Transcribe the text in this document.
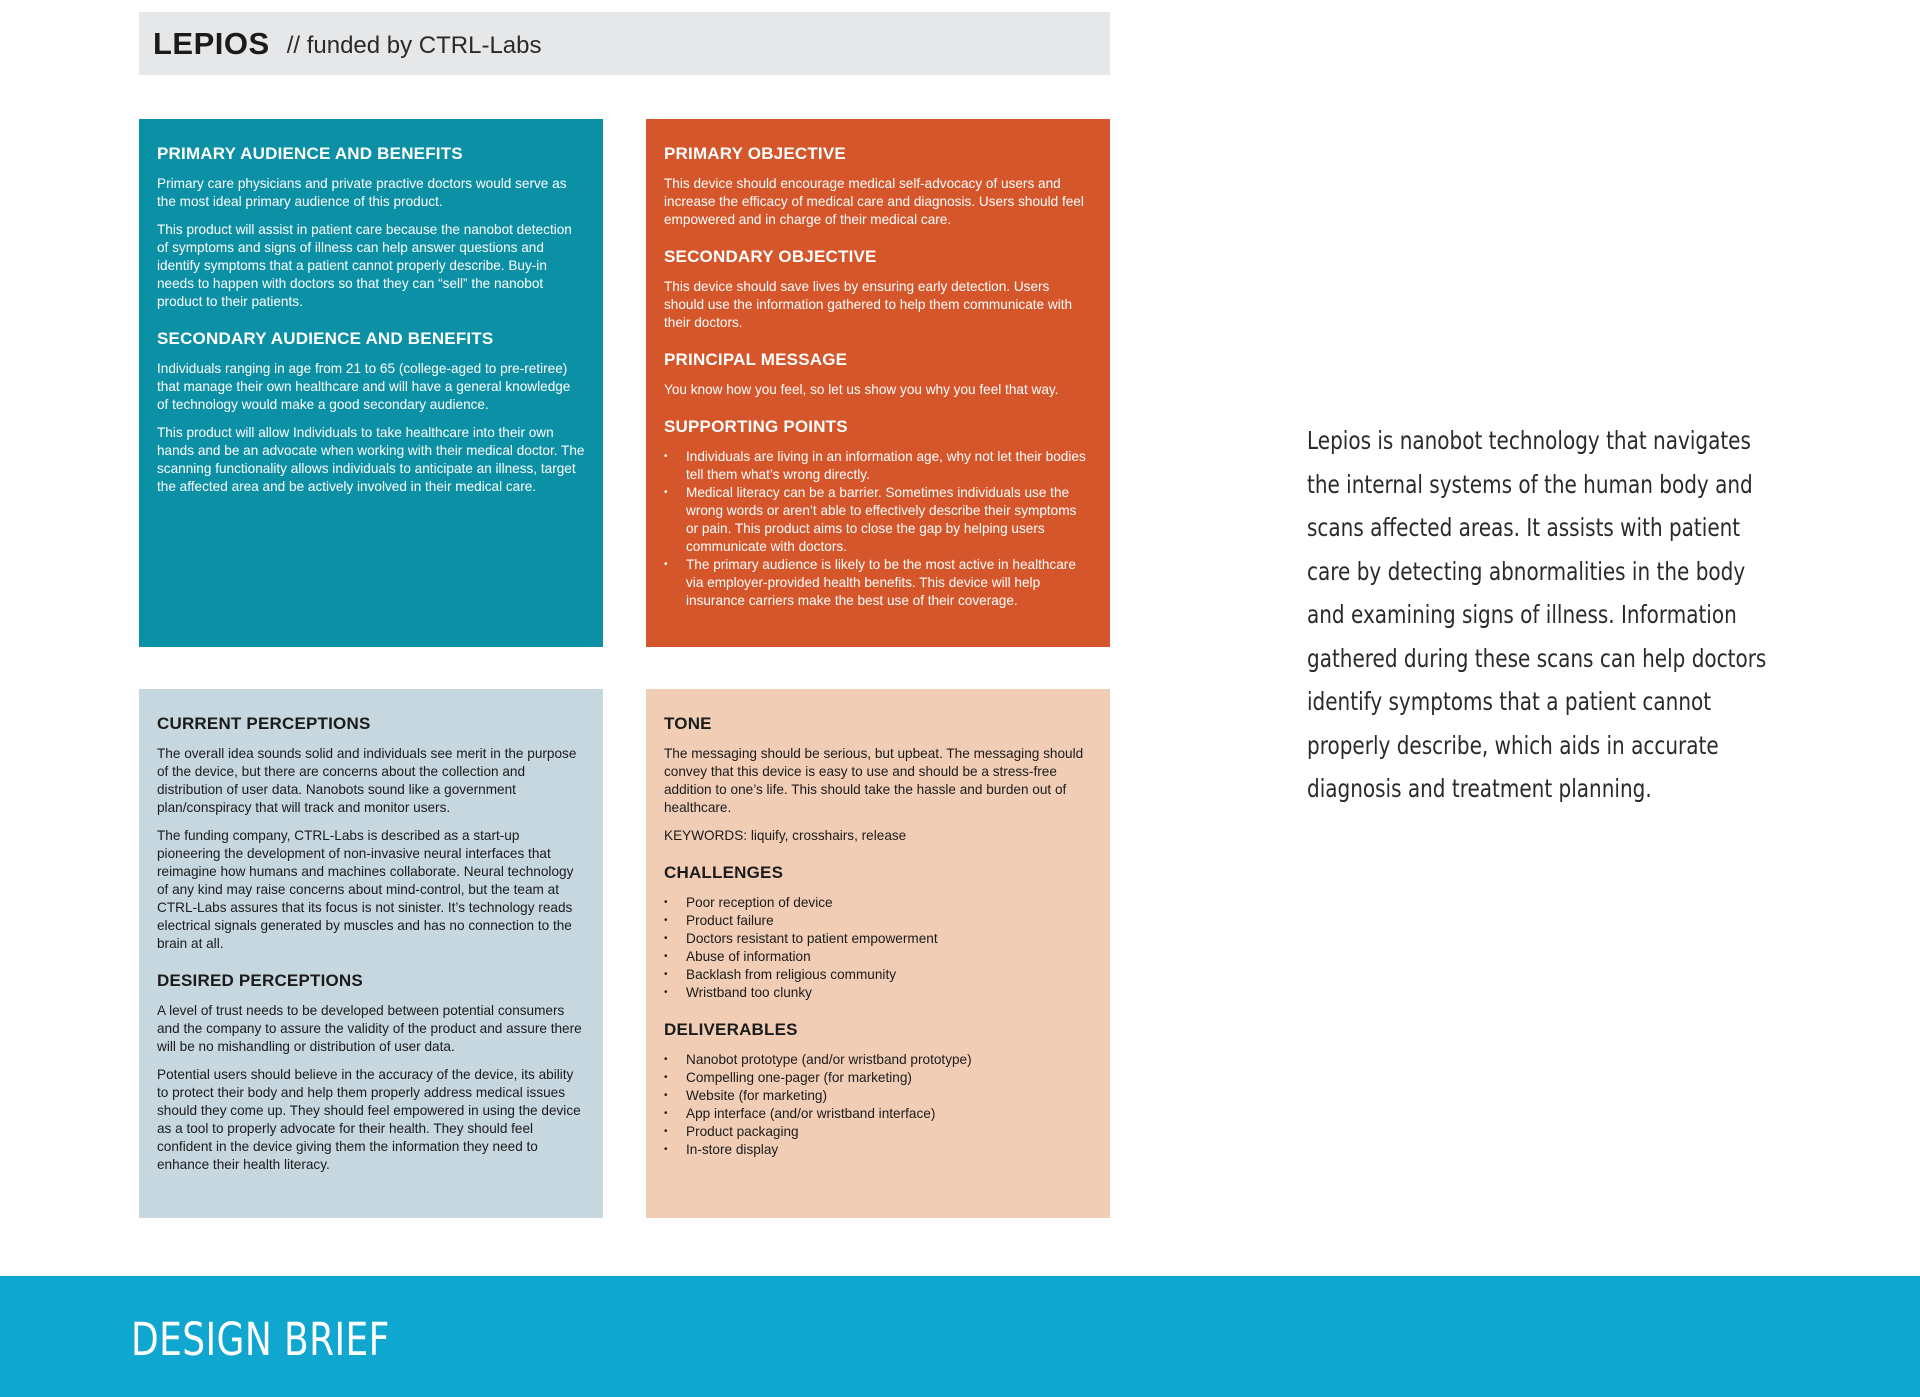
LEPIOS // funded by CTRL-Labs
PRIMARY AUDIENCE AND BENEFITS

Primary care physicians and private practive doctors would serve as the most ideal primary audience of this product.

This product will assist in patient care because the nanobot detection of symptoms and signs of illness can help answer questions and identify symptoms that a patient cannot properly describe. Buy-in needs to happen with doctors so that they can “sell” the nanobot product to their patients.

SECONDARY AUDIENCE AND BENEFITS

Individuals ranging in age from 21 to 65 (college-aged to pre-retiree) that manage their own healthcare and will have a general knowledge of technology would make a good secondary audience.

This product will allow Individuals to take healthcare into their own hands and be an advocate when working with their medical doctor. The scanning functionality allows individuals to anticipate an illness, target the affected area and be actively involved in their medical care.

PRIMARY OBJECTIVE

This device should encourage medical self-advocacy of users and increase the efficacy of medical care and diagnosis. Users should feel empowered and in charge of their medical care.

SECONDARY OBJECTIVE

This device should save lives by ensuring early detection. Users should use the information gathered to help them communicate with their doctors.

PRINCIPAL MESSAGE

You know how you feel, so let us show you why you feel that way.

SUPPORTING POINTS
• Individuals are living in an information age, why not let their bodies tell them what’s wrong directly.
• Medical literacy can be a barrier. Sometimes individuals use the wrong words or aren’t able to effectively describe their symptoms or pain. This product aims to close the gap by helping users communicate with doctors.
• The primary audience is likely to be the most active in healthcare via employer-provided health benefits. This device will help insurance carriers make the best use of their coverage.
CURRENT PERCEPTIONS

The overall idea sounds solid and individuals see merit in the purpose of the device, but there are concerns about the collection and distribution of user data. Nanobots sound like a government plan/conspiracy that will track and monitor users.

The funding company, CTRL-Labs is described as a start-up pioneering the development of non-invasive neural interfaces that reimagine how humans and machines collaborate. Neural technology of any kind may raise concerns about mind-control, but the team at CTRL-Labs assures that its focus is not sinister. It’s technology reads electrical signals generated by muscles and has no connection to the brain at all.

DESIRED PERCEPTIONS

A level of trust needs to be developed between potential consumers and the company to assure the validity of the product and assure there will be no mishandling or distribution of user data.

Potential users should believe in the accuracy of the device, its ability to protect their body and help them properly address medical issues should they come up. They should feel empowered in using the device as a tool to properly advocate for their health. They should feel confident in the device giving them the information they need to enhance their health literacy.

TONE

The messaging should be serious, but upbeat. The messaging should convey that this device is easy to use and should be a stress-free addition to one’s life. This should take the hassle and burden out of healthcare.

KEYWORDS: liquify, crosshairs, release

CHALLENGES
• Poor reception of device
• Product failure
• Doctors resistant to patient empowerment
• Abuse of information
• Backlash from religious community
• Wristband too clunky
DELIVERABLES
• Nanobot prototype (and/or wristband prototype)
• Compelling one-pager (for marketing)
• Website (for marketing)
• App interface (and/or wristband interface)
• Product packaging
• In-store display

Lepios is nanobot technology that navigates the internal systems of the human body and scans affected areas. It assists with patient care by detecting abnormalities in the body and examining signs of illness. Information gathered during these scans can help doctors identify symptoms that a patient cannot properly describe, which aids in accurate diagnosis and treatment planning.

DESIGN BRIEF
